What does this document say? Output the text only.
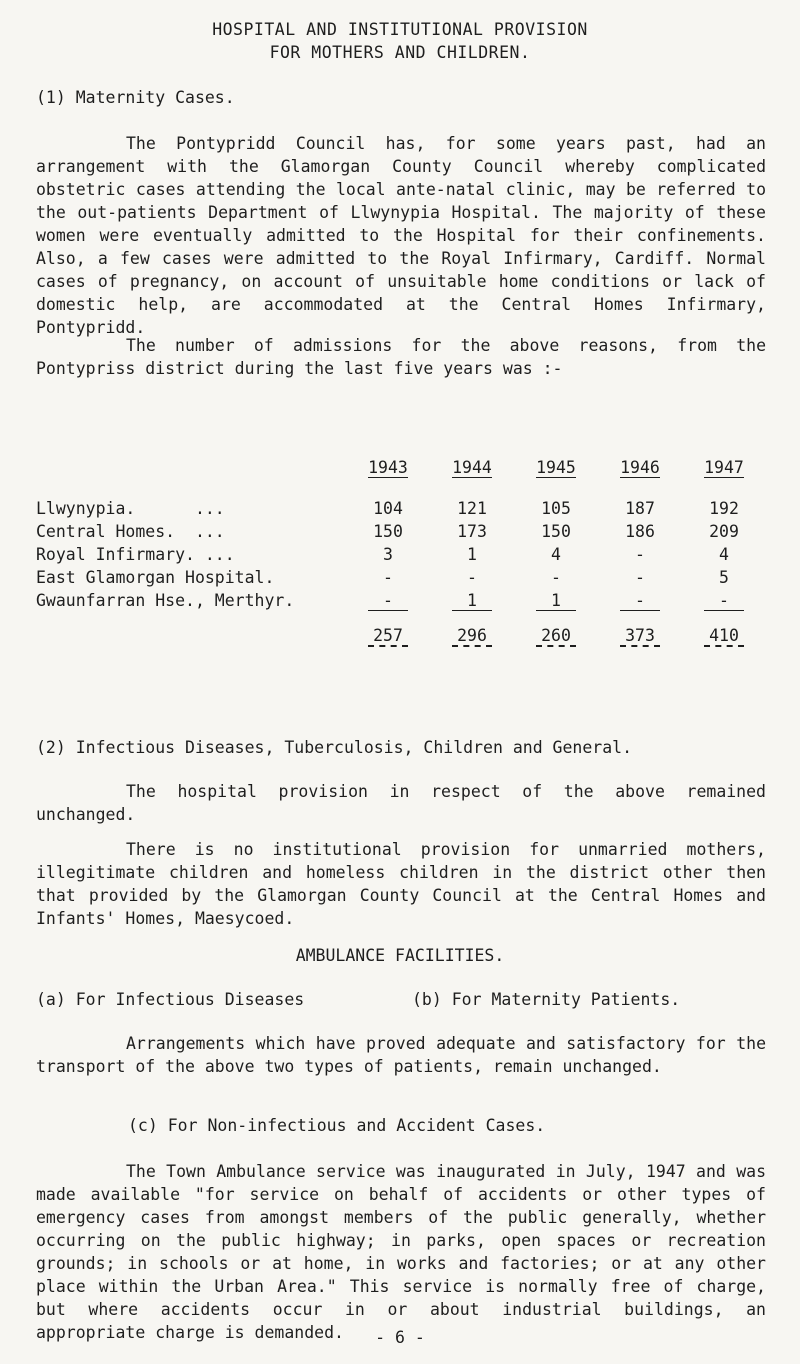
HOSPITAL AND INSTITUTIONAL PROVISION
FOR MOTHERS AND CHILDREN.
(1) Maternity Cases.
The Pontypridd Council has, for some years past, had an arrangement with the Glamorgan County Council whereby complicated obstetric cases attending the local ante-natal clinic, may be referred to the out-patients Department of Llwynypia Hospital. The majority of these women were eventually admitted to the Hospital for their confinements. Also, a few cases were admitted to the Royal Infirmary, Cardiff. Normal cases of pregnancy, on account of unsuitable home conditions or lack of domestic help, are accommodated at the Central Homes Infirmary, Pontypridd.
The number of admissions for the above reasons, from the Pontypriss district during the last five years was :-
	1943	1944	1945	1946	1947

Llwynypia.      ...	104	121	105	187	192
Central Homes.  ...	150	173	150	186	209
Royal Infirmary. ...	3	1	4	-	4
East Glamorgan Hospital.	-	-	-	-	5
Gwaunfarran Hse., Merthyr.	-	1	1	-	-
	257	296	260	373	410
(2) Infectious Diseases, Tuberculosis, Children and General.
The hospital provision in respect of the above remained unchanged.
There is no institutional provision for unmarried mothers, illegitimate children and homeless children in the district other then that provided by the Glamorgan County Council at the Central Homes and Infants' Homes, Maesycoed.
AMBULANCE FACILITIES.
(a) For Infectious Diseases	(b) For Maternity Patients.
Arrangements which have proved adequate and satisfactory for the transport of the above two types of patients, remain unchanged.
(c) For Non-infectious and Accident Cases.
The Town Ambulance service was inaugurated in July, 1947 and was made available "for service on behalf of accidents or other types of emergency cases from amongst members of the public generally, whether occurring on the public highway; in parks, open spaces or recreation grounds; in schools or at home, in works and factories; or at any other place within the Urban Area." This service is normally free of charge, but where accidents occur in or about industrial buildings, an appropriate charge is demanded.	- 6 -
